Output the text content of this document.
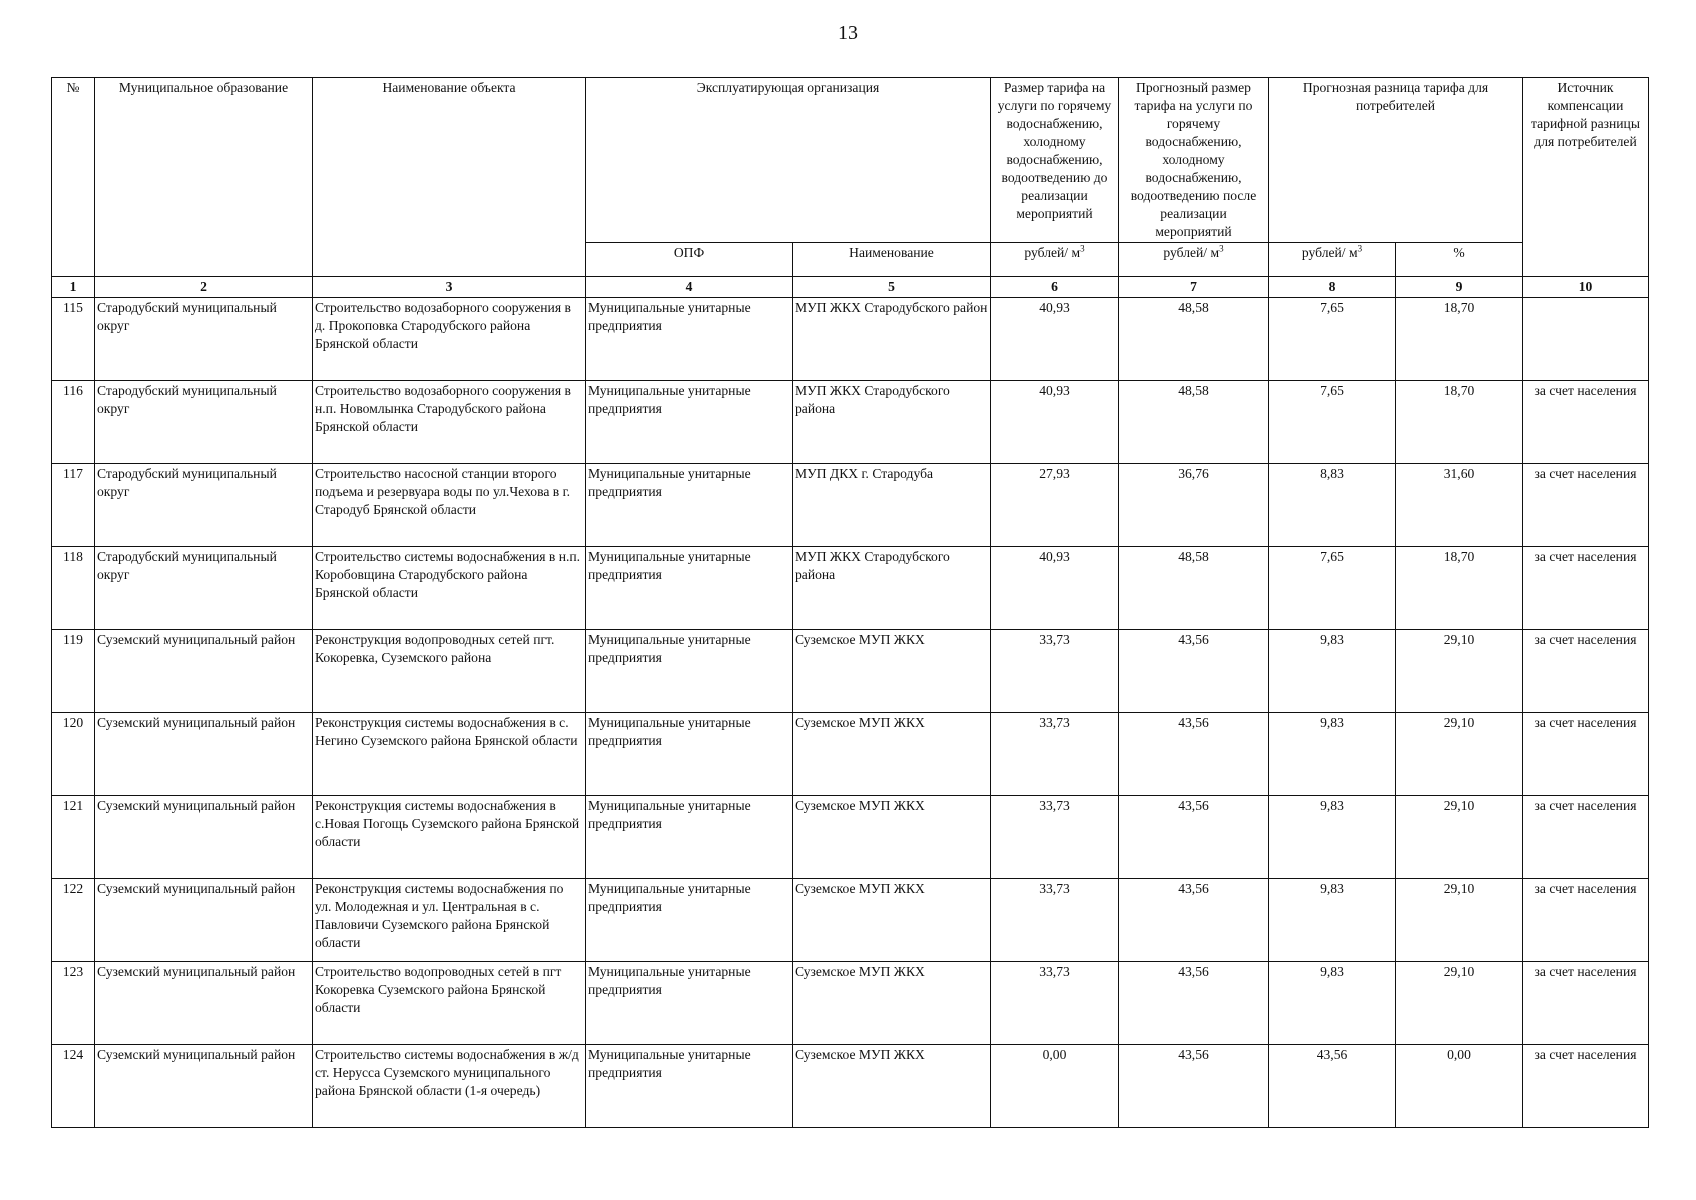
13
№	Муниципальное образование	Наименование объекта	Эксплуатирующая организация		Размер тарифа на услуги по горячему водоснабжению, холодному водоснабжению, водоотведению до реализации мероприятий	Прогнозный размер тарифа на услуги по горячему водоснабжению, холодному водоснабжению, водоотведению после реализации мероприятий	Прогнозная разница тарифа для потребителей		Источник компенсации тарифной разницы для потребителей
			ОПФ	Наименование	рублей/ $м^3$	рублей/ $м^3$	рублей/ $м^3$	%	
1	2	3	4	5	6	7	8	9	10
115	Стародубский муниципальный округ	Строительство водозаборного сооружения в д. Прокоповка Стародубского района Брянской области	Муниципальные унитарные предприятия	МУП ЖКХ Стародубского район	40,93	48,58	7,65	18,70	
116	Стародубский муниципальный округ	Строительство водозаборного сооружения в н.п. Новомлынка Стародубского района Брянской области	Муниципальные унитарные предприятия	МУП ЖКХ Стародубского района	40,93	48,58	7,65	18,70	за счет населения
117	Стародубский муниципальный округ	Строительство насосной станции второго подъема и резервуара воды по ул.Чехова в г. Стародуб Брянской области	Муниципальные унитарные предприятия	МУП ДКХ г. Стародуба	27,93	36,76	8,83	31,60	за счет населения
118	Стародубский муниципальный округ	Строительство системы водоснабжения в н.п. Коробовщина Стародубского района Брянской области	Муниципальные унитарные предприятия	МУП ЖКХ Стародубского района	40,93	48,58	7,65	18,70	за счет населения
119	Суземский муниципальный район	Реконструкция водопроводных сетей пгт. Кокоревка, Суземского района	Муниципальные унитарные предприятия	Суземское МУП ЖКХ	33,73	43,56	9,83	29,10	за счет населения
120	Суземский муниципальный район	Реконструкция системы водоснабжения в с. Негино Суземского района Брянской области	Муниципальные унитарные предприятия	Суземское МУП ЖКХ	33,73	43,56	9,83	29,10	за счет населения
121	Суземский муниципальный район	Реконструкция системы водоснабжения в с.Новая Погощь Суземского района Брянской области	Муниципальные унитарные предприятия	Суземское МУП ЖКХ	33,73	43,56	9,83	29,10	за счет населения
122	Суземский муниципальный район	Реконструкция системы водоснабжения по ул. Молодежная и ул. Центральная в с. Павловичи Суземского района Брянской области	Муниципальные унитарные предприятия	Суземское МУП ЖКХ	33,73	43,56	9,83	29,10	за счет населения
123	Суземский муниципальный район	Строительство водопроводных сетей в пгт Кокоревка Суземского района Брянской области	Муниципальные унитарные предприятия	Суземское МУП ЖКХ	33,73	43,56	9,83	29,10	за счет населения
124	Суземский муниципальный район	Строительство системы водоснабжения в ж/д ст. Нерусса Суземского муниципального района Брянской области (1-я очередь)	Муниципальные унитарные предприятия	Суземское МУП ЖКХ	0,00	43,56	43,56	0,00	за счет населения
